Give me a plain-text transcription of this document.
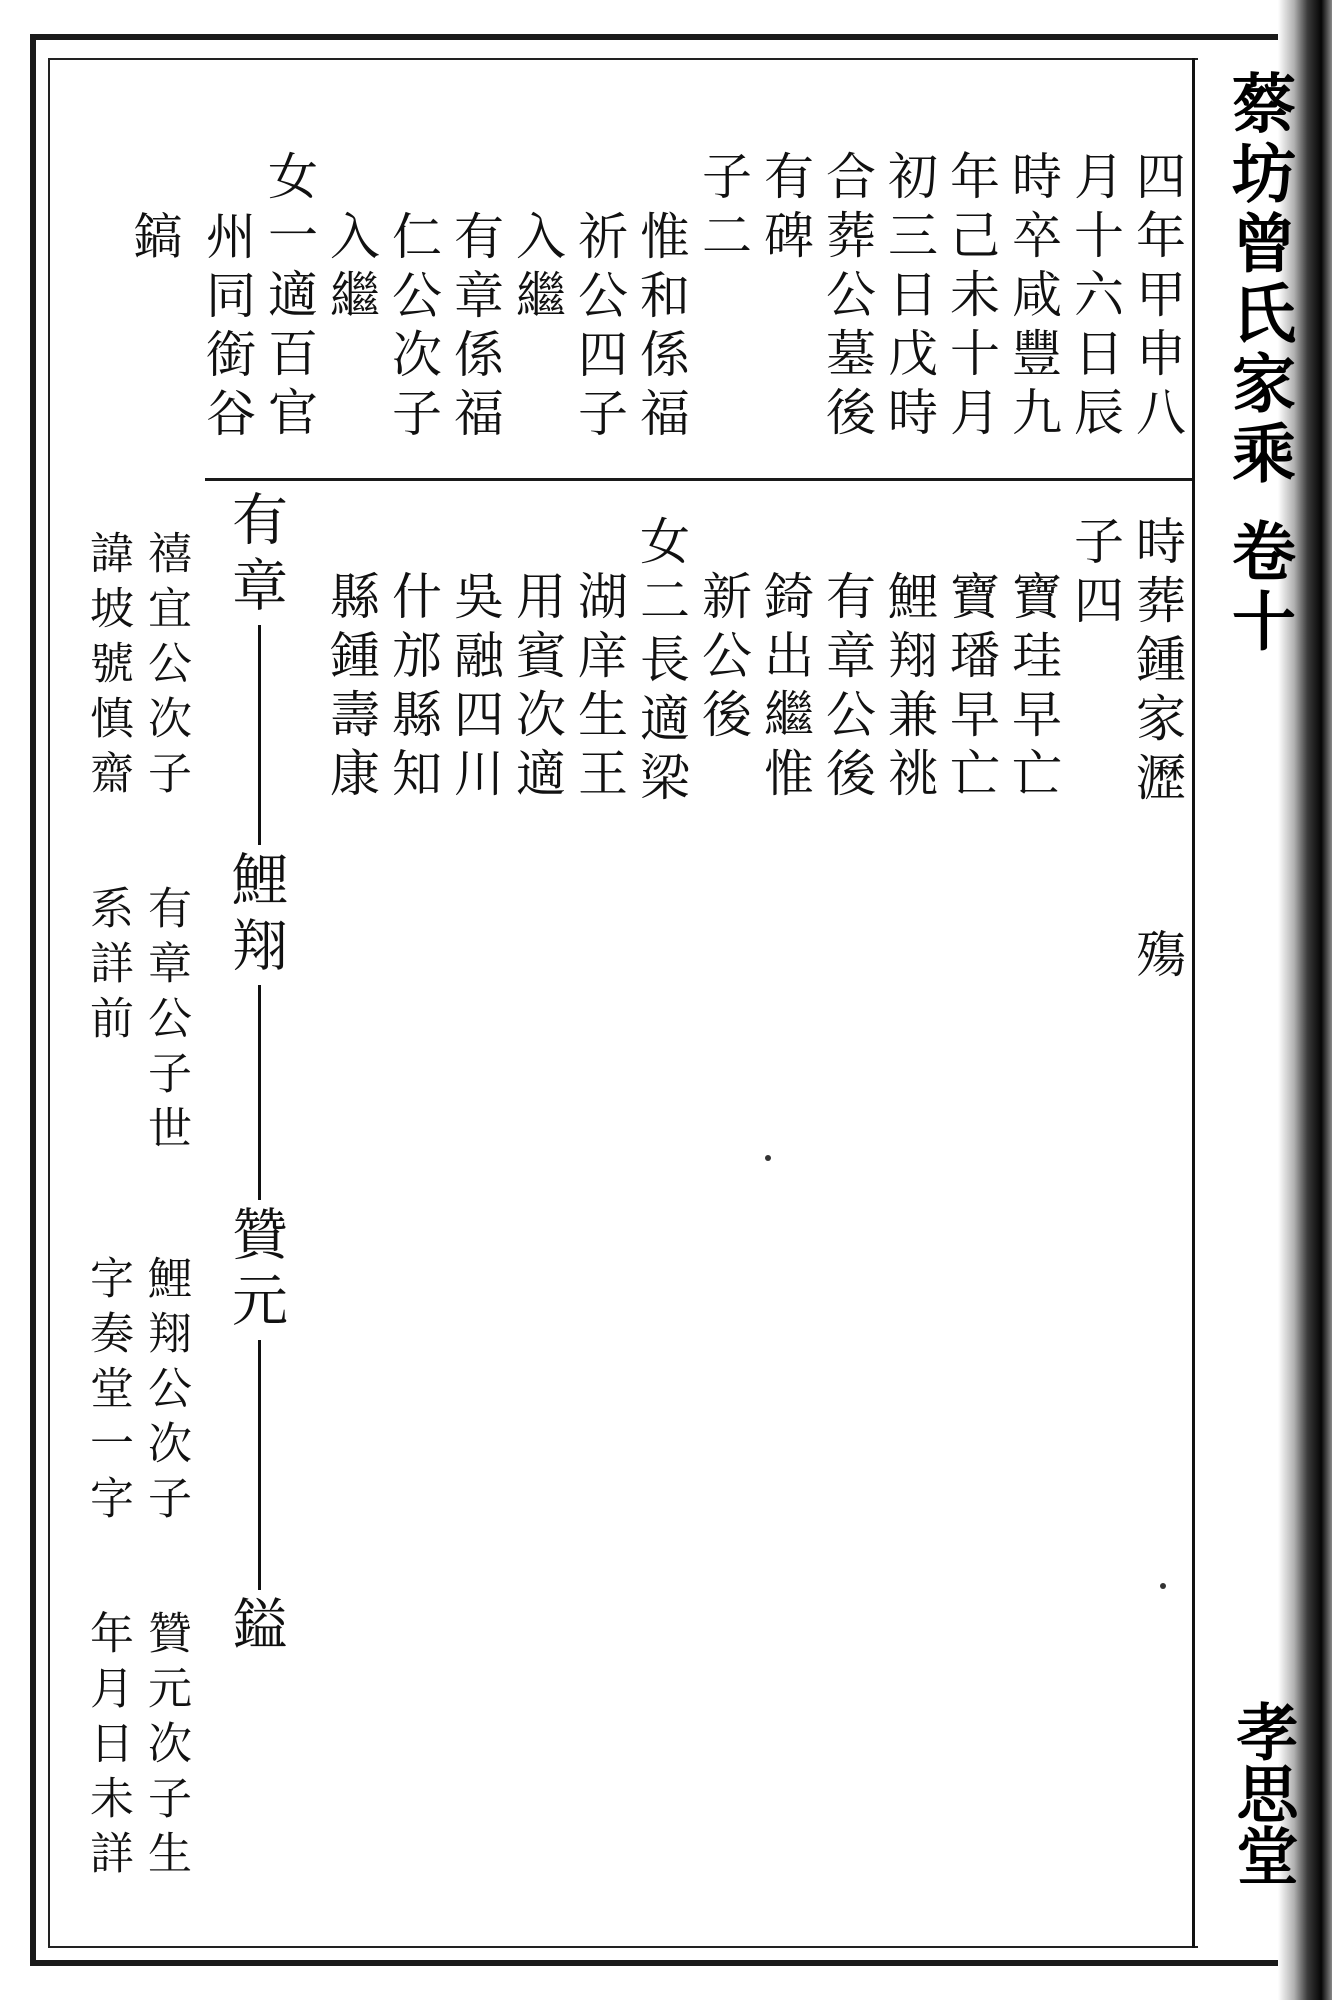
蔡坊曾氏家乘 卷十
孝思堂
四年甲申八
月十六日辰
時卒咸豐九
年己未十月
初三日戊時
合葬公墓後
有碑
子二
惟和係福
祈公四子
入繼
有章係福
仁公次子
入繼
女一適百官
州同銜谷
鎬
時葬鍾家瀝　　殤
子四
寶珪早亡
寶璠早亡
鯉翔兼祧
有章公後
錡出繼惟
新公後
女二長適梁
湖庠生王
用賓次適
吳融四川
什邡縣知
縣鍾壽康
有章
鯉翔
贊元
鎰
禧宜公次子
諱坡號慎齋
有章公子世
系詳前
鯉翔公次子
字奏堂一字
贊元次子生
年月日未詳
